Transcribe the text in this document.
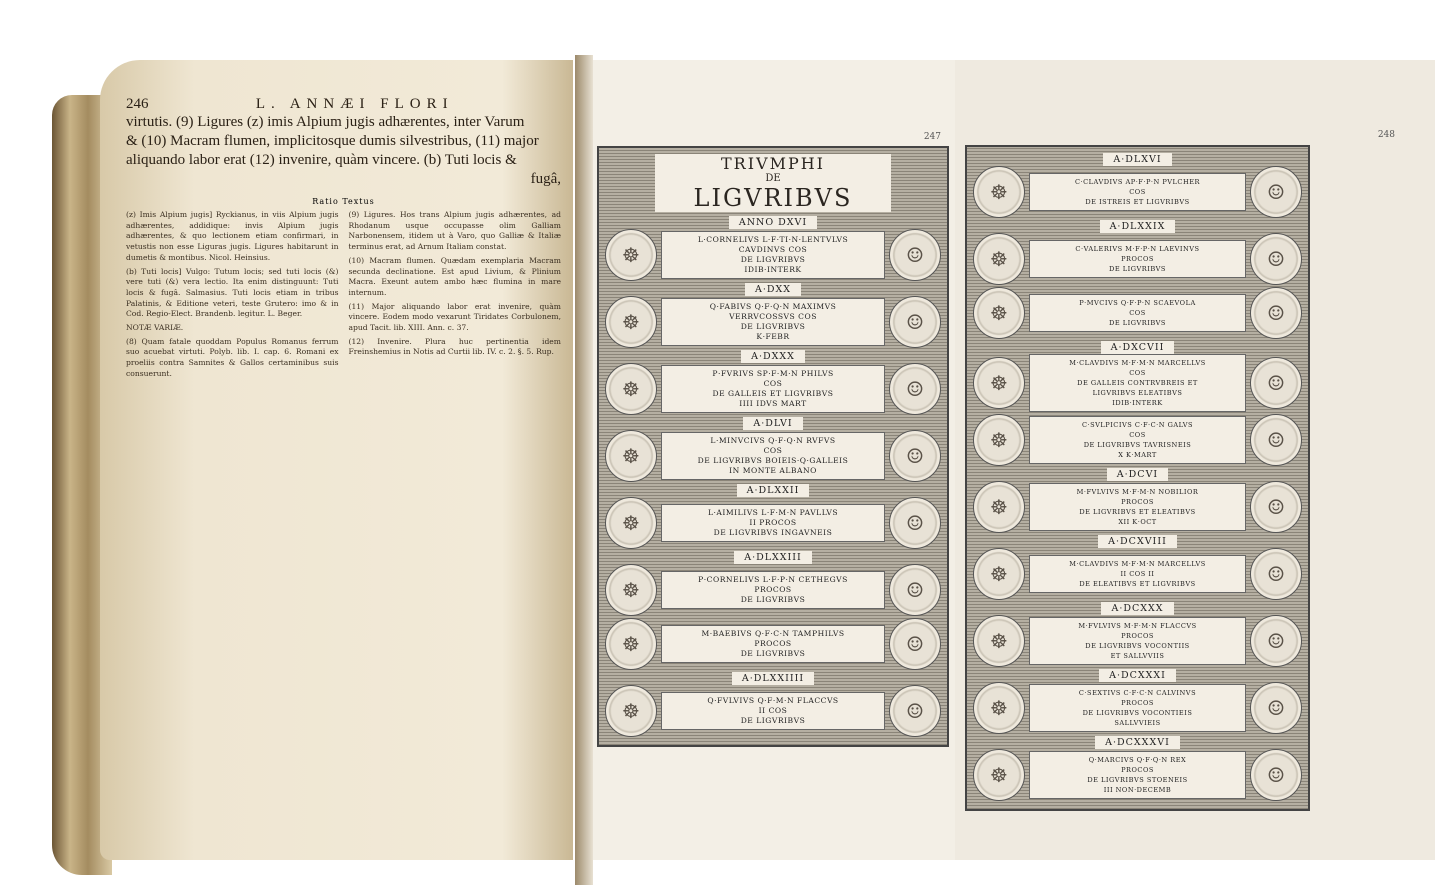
246	L. ANNÆI FLORI
virtutis. (9) Ligures (z) imis Alpium jugis adhærentes, inter Varum
& (10) Macram flumen, implicitosque dumis silvestribus, (11) major
aliquando labor erat (12) invenire, quàm vincere. (b) Tuti locis &
fugâ,
Ratio Textus

(z) Imis Alpium jugis] Ryckianus, in viis Alpium jugis adhærentes, addidique: invis Alpium jugis adhærentes, & quo lectionem etiam confirmari, in vetustis non esse Liguras jugis. Ligures habitarunt in dumetis & montibus. Nicol. Heinsius.

(b) Tuti locis] Vulgo: Tutum locis; sed tuti locis (&) vere tuti (&) vera lectio. Ita enim distinguunt: Tuti locis & fugâ. Salmasius. Tuti locis etiam in tribus Palatinis, & Editione veteri, teste Grutero: imo & in Cod. Regio-Elect. Brandenb. legitur. L. Beger.

NOTÆ VARIÆ.

(8) Quam fatale quoddam Populus Romanus ferrum suo acuebat virtuti. Polyb. lib. I. cap. 6. Romani ex proeliis contra Samnites & Gallos certaminibus suis consuerunt.

(9) Ligures. Hos trans Alpium jugis adhærentes, ad Rhodanum usque occupasse olim Galliam Narbonensem, itidem ut à Varo, quo Galliæ & Italiæ terminus erat, ad Arnum Italiam constat.

(10) Macram flumen. Quædam exemplaria Macram secunda declinatione. Est apud Livium, & Plinium Macra. Exeunt autem ambo hæc flumina in mare internum.

(11) Major aliquando labor erat invenire, quàm vincere. Eodem modo vexarunt Tiridates Corbulonem, apud Tacit. lib. XIII. Ann. c. 37.

(12) Invenire. Plura huc pertinentia idem Freinshemius in Notis ad Curtii lib. IV. c. 2. §. 5. Rup.

247
TRIVMPHI
DE
LIGVRIBVS
ANNO DXVI
☸
L·CORNELIVS L·F·TI·N·LENTVLVS
CAVDINVS COS
DE LIGVRIBVS
IDIB·INTERK
☺
A·DXX
☸
Q·FABIVS Q·F·Q·N MAXIMVS
VERRVCOSSVS COS
DE LIGVRIBVS
K·FEBR
☺
A·DXXX
☸
P·FVRIVS SP·F·M·N PHILVS
COS
DE GALLEIS ET LIGVRIBVS
IIII IDVS MART
☺
A·DLVI
☸
L·MINVCIVS Q·F·Q·N RVFVS
COS
DE LIGVRIBVS BOIEIS·Q·GALLEIS
IN MONTE ALBANO
☺
A·DLXXII
☸	L·AIMILIVS L·F·M·N PAVLLVS
II PROCOS
DE LIGVRIBVS INGAVNEIS	☺
A·DLXXIII
☸	P·CORNELIVS L·F·P·N CETHEGVS
PROCOS
DE LIGVRIBVS	☺
☸	M·BAEBIVS Q·F·C·N TAMPHILVS
PROCOS
DE LIGVRIBVS	☺
A·DLXXIIII
☸	Q·FVLVIVS Q·F·M·N FLACCVS
II COS
DE LIGVRIBVS	☺
248
A·DLXVI
☸	C·CLAVDIVS AP·F·P·N PVLCHER
COS
DE ISTREIS ET LIGVRIBVS	☺
A·DLXXIX
☸	C·VALERIVS M·F·P·N LAEVINVS
PROCOS
DE LIGVRIBVS	☺
☸	P·MVCIVS Q·F·P·N SCAEVOLA
COS
DE LIGVRIBVS	☺
A·DXCVII
☸
M·CLAVDIVS M·F·M·N MARCELLVS
COS
DE GALLEIS CONTRVBREIS ET
LIGVRIBVS ELEATIBVS
IDIB·INTERK
☺
☸
C·SVLPICIVS C·F·C·N GALVS
COS
DE LIGVRIBVS TAVRISNEIS
X K·MART
☺
A·DCVI
☸
M·FVLVIVS M·F·M·N NOBILIOR
PROCOS
DE LIGVRIBVS ET ELEATIBVS
XII K·OCT
☺
A·DCXVIII
☸	M·CLAVDIVS M·F·M·N MARCELLVS
II COS II
DE ELEATIBVS ET LIGVRIBVS	☺
A·DCXXX
☸
M·FVLVIVS M·F·M·N FLACCVS
PROCOS
DE LIGVRIBVS VOCONTIIS
ET SALLVVIIS
☺
A·DCXXXI
☸
C·SEXTIVS C·F·C·N CALVINVS
PROCOS
DE LIGVRIBVS VOCONTIEIS
SALLVVIEIS
☺
A·DCXXXVI
☸
Q·MARCIVS Q·F·Q·N REX
PROCOS
DE LIGVRIBVS STOENEIS
III NON·DECEMB
☺
